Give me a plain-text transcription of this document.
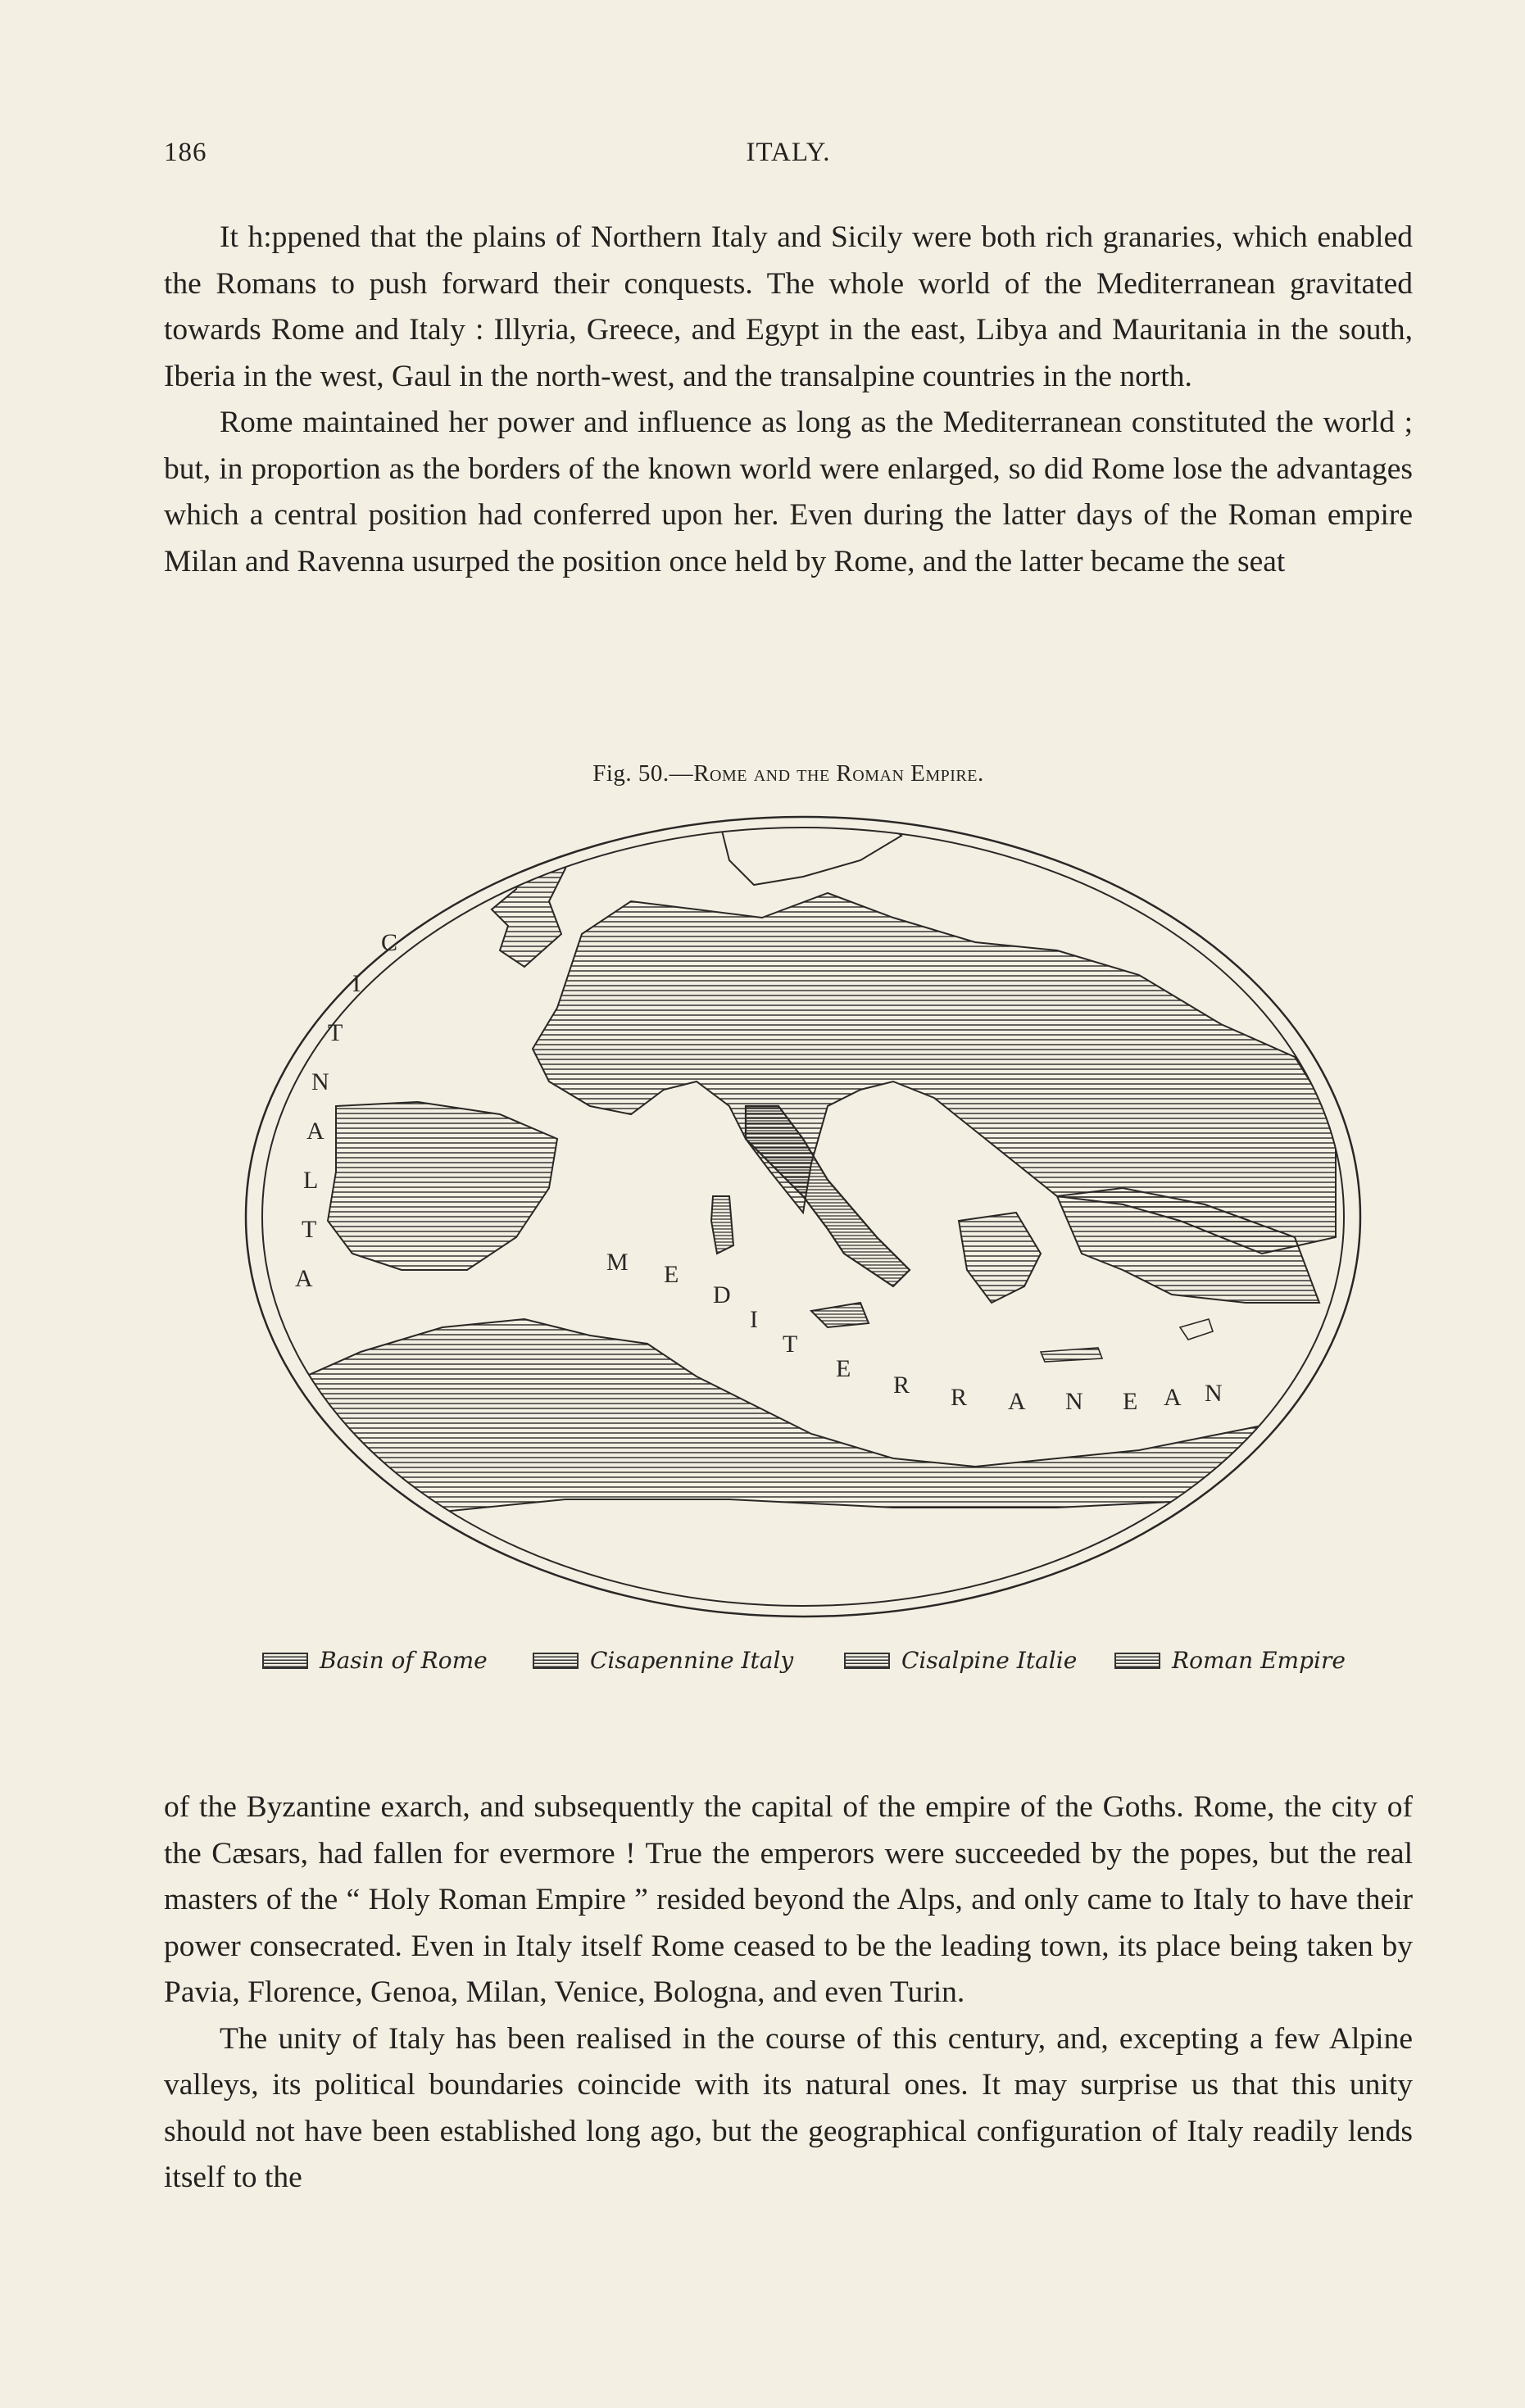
186	ITALY.

It h:ppened that the plains of Northern Italy and Sicily were both rich granaries, which enabled the Romans to push forward their conquests. The whole world of the Mediterranean gravitated towards Rome and Italy : Illyria, Greece, and Egypt in the east, Libya and Mauritania in the south, Iberia in the west, Gaul in the north-west, and the transalpine countries in the north.

Rome maintained her power and influence as long as the Mediterranean constituted the world ; but, in proportion as the borders of the known world were enlarged, so did Rome lose the advantages which a central position had conferred upon her. Even during the latter days of the Roman empire Milan and Ravenna usurped the position once held by Rome, and the latter became the seat

Fig. 50.—Rome and the Roman Empire.
A
T
L
A
N
T
I
C
M E
D
I
T
E
R R A N E A N
Basin of Rome	Cisapennine Italy	Cisalpine Italie	Roman Empire

of the Byzantine exarch, and subsequently the capital of the empire of the Goths. Rome, the city of the Cæsars, had fallen for evermore ! True the emperors were succeeded by the popes, but the real masters of the “ Holy Roman Empire ” resided beyond the Alps, and only came to Italy to have their power consecrated. Even in Italy itself Rome ceased to be the leading town, its place being taken by Pavia, Florence, Genoa, Milan, Venice, Bologna, and even Turin.

The unity of Italy has been realised in the course of this century, and, excepting a few Alpine valleys, its political boundaries coincide with its natural ones. It may surprise us that this unity should not have been established long ago, but the geographical configuration of Italy readily lends itself to the
